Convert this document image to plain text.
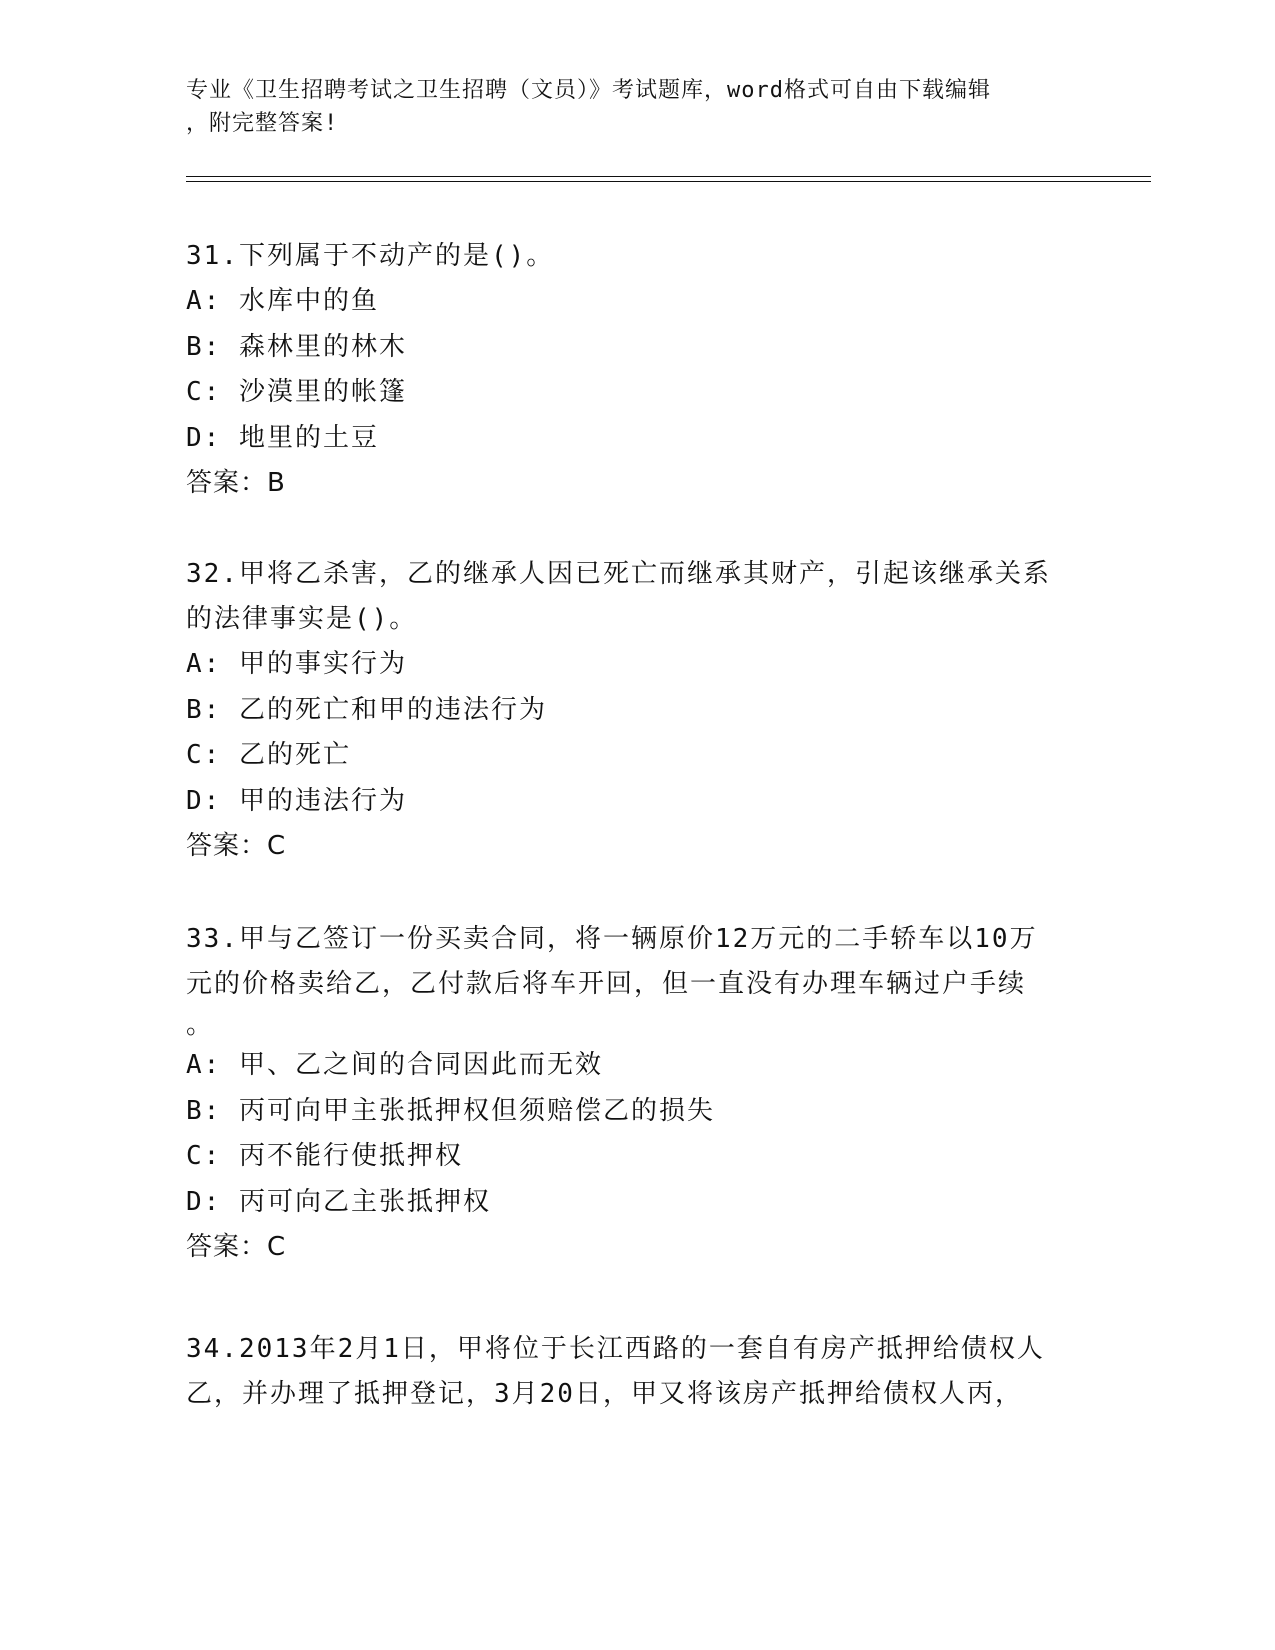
专业《卫生招聘考试之卫生招聘（文员）》考试题库，word格式可自由下载编辑
，附完整答案!
31.下列属于不动产的是()。
A: 水库中的鱼
B: 森林里的林木
C: 沙漠里的帐篷
D: 地里的土豆
答案：B
32.甲将乙杀害，乙的继承人因已死亡而继承其财产，引起该继承关系
的法律事实是()。
A: 甲的事实行为
B: 乙的死亡和甲的违法行为
C: 乙的死亡
D: 甲的违法行为
答案：C
33.甲与乙签订一份买卖合同，将一辆原价12万元的二手轿车以10万
元的价格卖给乙，乙付款后将车开回，但一直没有办理车辆过户手续
。
A: 甲、乙之间的合同因此而无效
B: 丙可向甲主张抵押权但须赔偿乙的损失
C: 丙不能行使抵押权
D: 丙可向乙主张抵押权
答案：C
34.2013年2月1日，甲将位于长江西路的一套自有房产抵押给债权人
乙，并办理了抵押登记，3月20日，甲又将该房产抵押给债权人丙，
